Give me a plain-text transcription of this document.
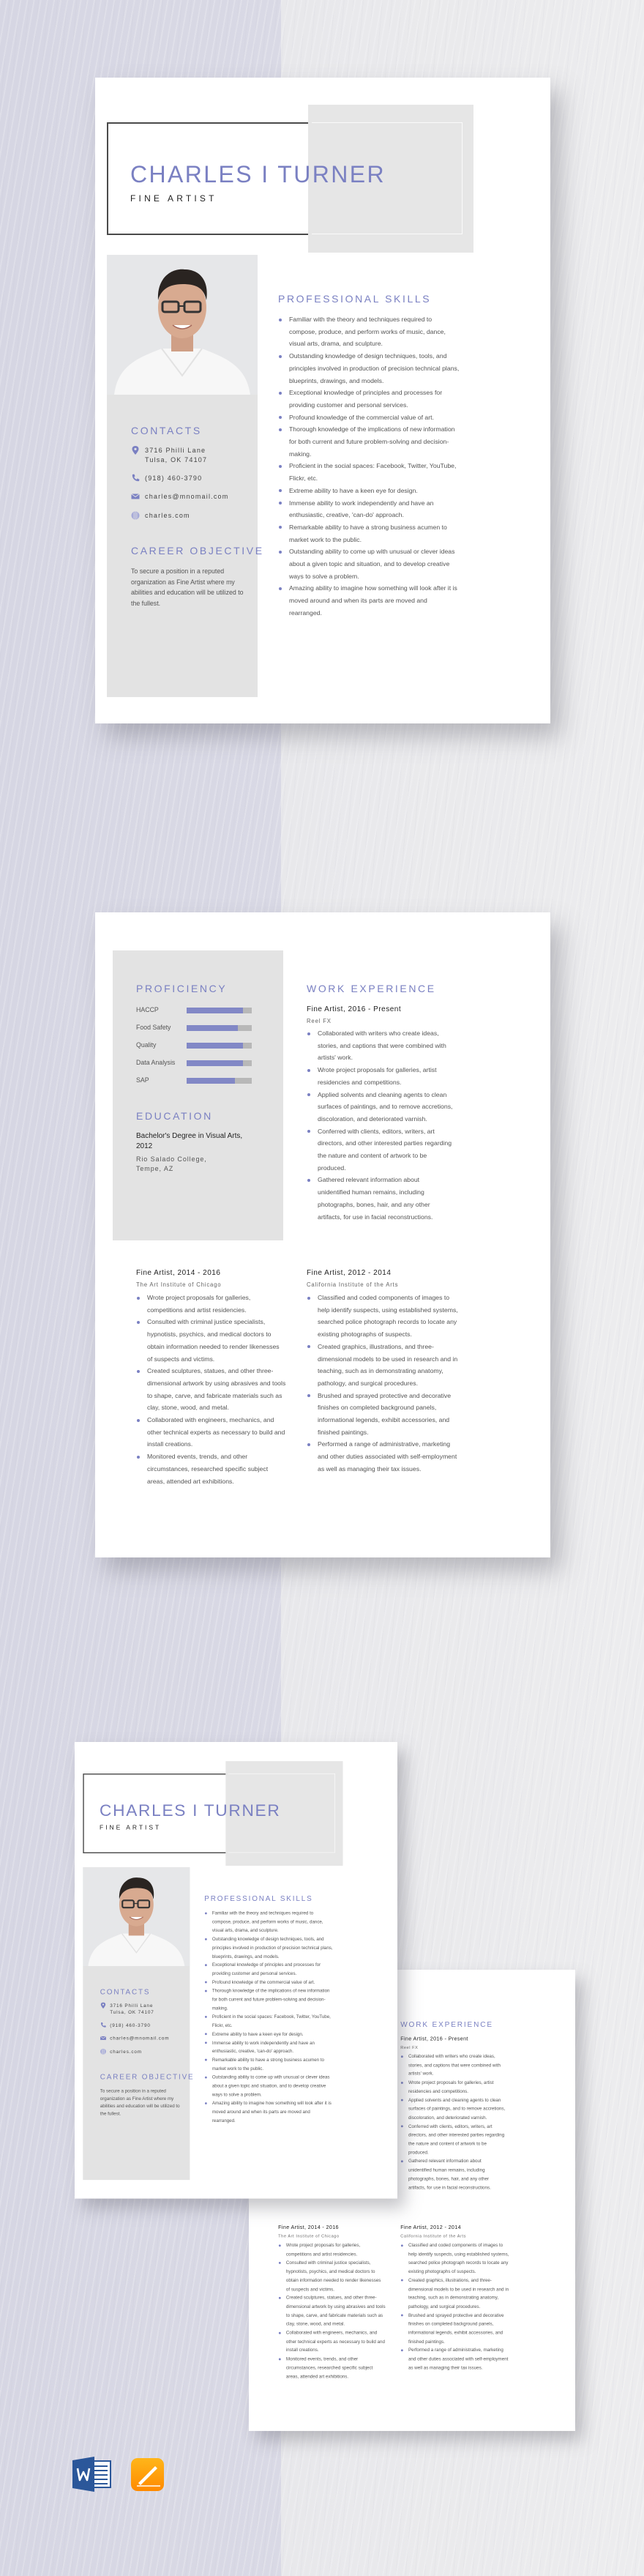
CHARLES I TURNER
FINE ARTIST
CONTACTS
3716 Philli Lane
Tulsa, OK 74107
(918) 460-3790
charles@mnomail.com
charles.com
CAREER OBJECTIVE
To secure a position in a reputed organization as Fine Artist where my abilities and education will be utilized to the fullest.
PROFESSIONAL SKILLS
Familiar with the theory and techniques required to compose, produce, and perform works of music, dance, visual arts, drama, and sculpture.
Outstanding knowledge of design techniques, tools, and principles involved in production of precision technical plans, blueprints, drawings, and models.
Exceptional knowledge of principles and processes for providing customer and personal services.
Profound knowledge of the commercial value of art.
Thorough knowledge of the implications of new information for both current and future problem-solving and decision-making.
Proficient in the social spaces: Facebook, Twitter, YouTube, Flickr, etc.
Extreme ability to have a keen eye for design.
Immense ability to work independently and have an enthusiastic, creative, 'can-do' approach.
Remarkable ability to have a strong business acumen to market work to the public.
Outstanding ability to come up with unusual or clever ideas about a given topic and situation, and to develop creative ways to solve a problem.
Amazing ability to imagine how something will look after it is moved around and when its parts are moved and rearranged.
PROFICIENCY
HACCP
Food Safety
Quality
Data Analysis
SAP
EDUCATION
Bachelor's Degree in Visual Arts, 2012
Rio Salado College,
Tempe, AZ
WORK EXPERIENCE
Fine Artist, 2016 - Present
Reel FX
Collaborated with writers who create ideas, stories, and captions that were combined with artists' work.
Wrote project proposals for galleries, artist residencies and competitions.
Applied solvents and cleaning agents to clean surfaces of paintings, and to remove accretions, discoloration, and deteriorated varnish.
Conferred with clients, editors, writers, art directors, and other interested parties regarding the nature and content of artwork to be produced.
Gathered relevant information about unidentified human remains, including photographs, bones, hair, and any other artifacts, for use in facial reconstructions.
Fine Artist, 2014 - 2016
The Art Institute of Chicago
Wrote project proposals for galleries, competitions and artist residencies.
Consulted with criminal justice specialists, hypnotists, psychics, and medical doctors to obtain information needed to render likenesses of suspects and victims.
Created sculptures, statues, and other three-dimensional artwork by using abrasives and tools to shape, carve, and fabricate materials such as clay, stone, wood, and metal.
Collaborated with engineers, mechanics, and other technical experts as necessary to build and install creations.
Monitored events, trends, and other circumstances, researched specific subject areas, attended art exhibitions.
Fine Artist, 2012 - 2014
California Institute of the Arts
Classified and coded components of images to help identify suspects, using established systems, searched police photograph records to locate any existing photographs of suspects.
Created graphics, illustrations, and three-dimensional models to be used in research and in teaching, such as in demonstrating anatomy, pathology, and surgical procedures.
Brushed and sprayed protective and decorative finishes on completed background panels, informational legends, exhibit accessories, and finished paintings.
Performed a range of administrative, marketing and other duties associated with self-employment as well as managing their tax issues.
WORK EXPERIENCE
Fine Artist, 2016 - Present
Reel FX
Collaborated with writers who create ideas, stories, and captions that were combined with artists' work.
Wrote project proposals for galleries, artist residencies and competitions.
Applied solvents and cleaning agents to clean surfaces of paintings, and to remove accretions, discoloration, and deteriorated varnish.
Conferred with clients, editors, writers, art directors, and other interested parties regarding the nature and content of artwork to be produced.
Gathered relevant information about unidentified human remains, including photographs, bones, hair, and any other artifacts, for use in facial reconstructions.
Fine Artist, 2014 - 2016
The Art Institute of Chicago
Wrote project proposals for galleries, competitions and artist residencies.
Consulted with criminal justice specialists, hypnotists, psychics, and medical doctors to obtain information needed to render likenesses of suspects and victims.
Created sculptures, statues, and other three-dimensional artwork by using abrasives and tools to shape, carve, and fabricate materials such as clay, stone, wood, and metal.
Collaborated with engineers, mechanics, and other technical experts as necessary to build and install creations.
Monitored events, trends, and other circumstances, researched specific subject areas, attended art exhibitions.
Fine Artist, 2012 - 2014
California Institute of the Arts
Classified and coded components of images to help identify suspects, using established systems, searched police photograph records to locate any existing photographs of suspects.
Created graphics, illustrations, and three-dimensional models to be used in research and in teaching, such as in demonstrating anatomy, pathology, and surgical procedures.
Brushed and sprayed protective and decorative finishes on completed background panels, informational legends, exhibit accessories, and finished paintings.
Performed a range of administrative, marketing and other duties associated with self-employment as well as managing their tax issues.
CHARLES I TURNER
FINE ARTIST
CONTACTS
3716 Philli Lane
Tulsa, OK 74107
(918) 460-3790
charles@mnomail.com
charles.com
CAREER OBJECTIVE
To secure a position in a reputed organization as Fine Artist where my abilities and education will be utilized to the fullest.
PROFESSIONAL SKILLS
Familiar with the theory and techniques required to compose, produce, and perform works of music, dance, visual arts, drama, and sculpture.
Outstanding knowledge of design techniques, tools, and principles involved in production of precision technical plans, blueprints, drawings, and models.
Exceptional knowledge of principles and processes for providing customer and personal services.
Profound knowledge of the commercial value of art.
Thorough knowledge of the implications of new information for both current and future problem-solving and decision-making.
Proficient in the social spaces: Facebook, Twitter, YouTube, Flickr, etc.
Extreme ability to have a keen eye for design.
Immense ability to work independently and have an enthusiastic, creative, 'can-do' approach.
Remarkable ability to have a strong business acumen to market work to the public.
Outstanding ability to come up with unusual or clever ideas about a given topic and situation, and to develop creative ways to solve a problem.
Amazing ability to imagine how something will look after it is moved around and when its parts are moved and rearranged.
